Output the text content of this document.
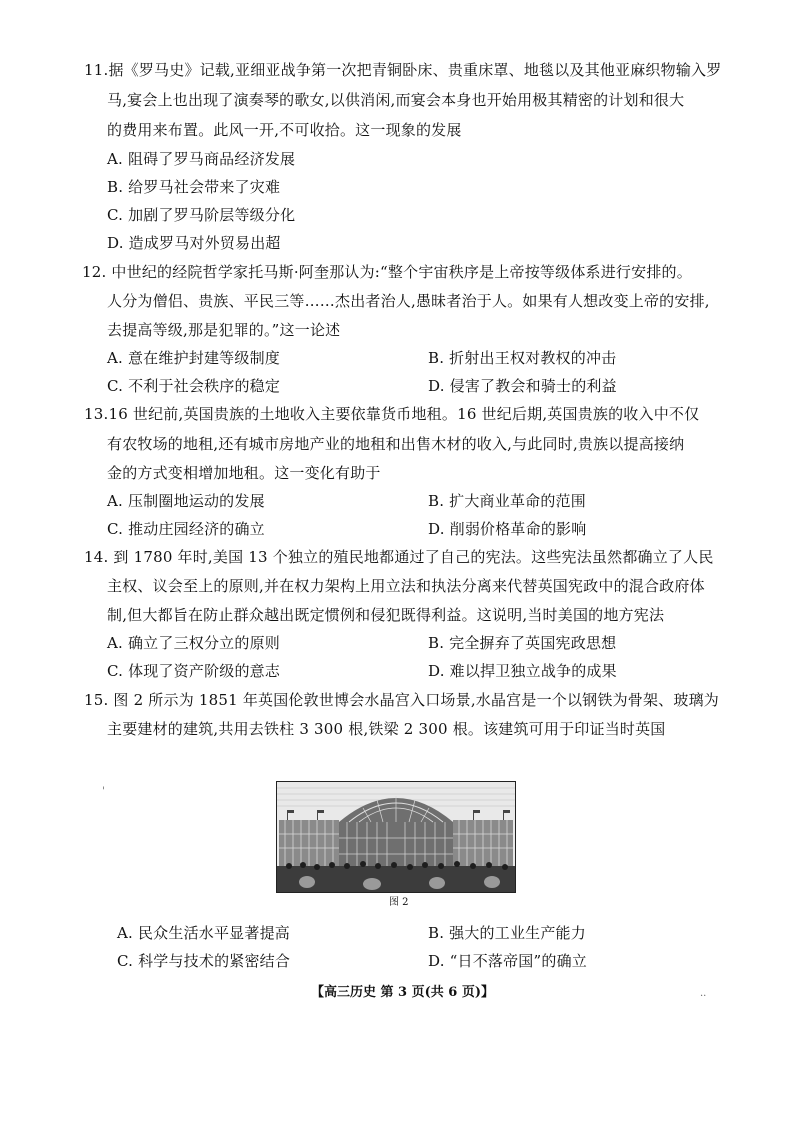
11.据《罗马史》记载,亚细亚战争第一次把青铜卧床、贵重床罩、地毯以及其他亚麻织物输入罗
马,宴会上也出现了演奏琴的歌女,以供消闲,而宴会本身也开始用极其精密的计划和很大
的费用来布置。此风一开,不可收拾。这一现象的发展
A. 阻碍了罗马商品经济发展
B. 给罗马社会带来了灾难
C. 加剧了罗马阶层等级分化
D. 造成罗马对外贸易出超
12. 中世纪的经院哲学家托马斯·阿奎那认为:“整个宇宙秩序是上帝按等级体系进行安排的。
人分为僧侣、贵族、平民三等……杰出者治人,愚昧者治于人。如果有人想改变上帝的安排,
去提高等级,那是犯罪的。”这一论述
A. 意在维护封建等级制度	B. 折射出王权对教权的冲击
C. 不利于社会秩序的稳定	D. 侵害了教会和骑士的利益
13.16 世纪前,英国贵族的土地收入主要依靠货币地租。16 世纪后期,英国贵族的收入中不仅
有农牧场的地租,还有城市房地产业的地租和出售木材的收入,与此同时,贵族以提高接纳
金的方式变相增加地租。这一变化有助于
A. 压制圈地运动的发展	B. 扩大商业革命的范围
C. 推动庄园经济的确立	D. 削弱价格革命的影响
14. 到 1780 年时,美国 13 个独立的殖民地都通过了自己的宪法。这些宪法虽然都确立了人民
主权、议会至上的原则,并在权力架构上用立法和执法分离来代替英国宪政中的混合政府体
制,但大都旨在防止群众越出既定惯例和侵犯既得利益。这说明,当时美国的地方宪法
A. 确立了三权分立的原则	B. 完全摒弃了英国宪政思想
C. 体现了资产阶级的意志	D. 难以捍卫独立战争的成果
15. 图 2 所示为 1851 年英国伦敦世博会水晶宫入口场景,水晶宫是一个以钢铁为骨架、玻璃为
主要建材的建筑,共用去铁柱 3 300 根,铁梁 2 300 根。该建筑可用于印证当时英国
图 2
A. 民众生活水平显著提高	B. 强大的工业生产能力
C. 科学与技术的紧密结合	D. “日不落帝国”的确立
【高三历史 第 3 页(共 6 页)】
'
..
